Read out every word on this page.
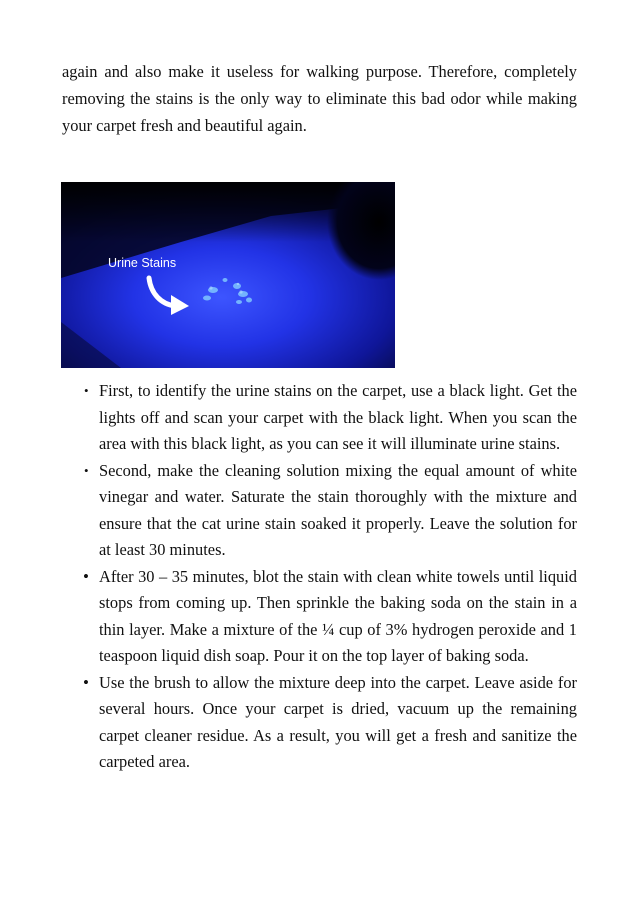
again and also make it useless for walking purpose. Therefore, completely removing the stains is the only way to eliminate this bad odor while making your carpet fresh and beautiful again.

Urine Stains
• First, to identify the urine stains on the carpet, use a black light. Get the lights off and scan your carpet with the black light. When you scan the area with this black light, as you can see it will illuminate urine stains.
• Second, make the cleaning solution mixing the equal amount of white vinegar and water. Saturate the stain thoroughly with the mixture and ensure that the cat urine stain soaked it properly. Leave the solution for at least 30 minutes.
• After 30 – 35 minutes, blot the stain with clean white towels until liquid stops from coming up. Then sprinkle the baking soda on the stain in a thin layer. Make a mixture of the ¼ cup of 3% hydrogen peroxide and 1 teaspoon liquid dish soap. Pour it on the top layer of baking soda.
• Use the brush to allow the mixture deep into the carpet. Leave aside for several hours. Once your carpet is dried, vacuum up the remaining carpet cleaner residue. As a result, you will get a fresh and sanitize the carpeted area.
